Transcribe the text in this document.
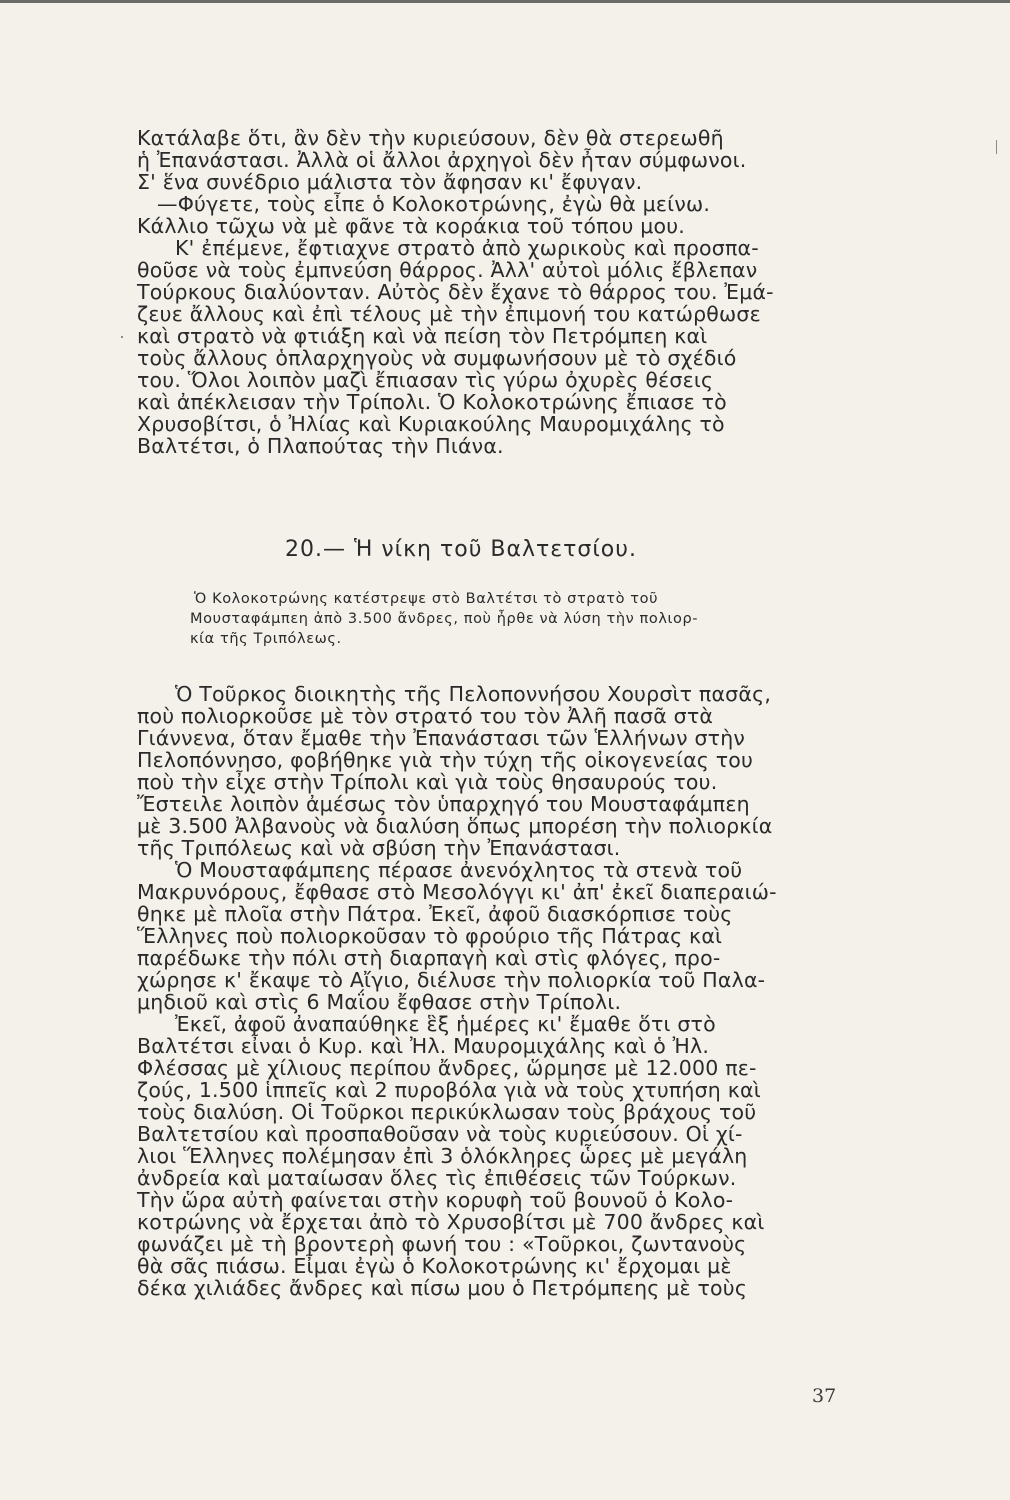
Κατάλαβε ὅτι, ἂν δὲν τὴν κυριεύσουν, δὲν θὰ στερεωθῆ
ἡ Ἐπανάστασι. Ἀλλὰ οἱ ἄλλοι ἀρχηγοὶ δὲν ἦταν σύμφωνοι.
Σ' ἕνα συνέδριο μάλιστα τὸν ἄφησαν κι' ἔφυγαν.
—Φύγετε, τοὺς εἶπε ὁ Κολοκοτρώνης, ἐγὼ θὰ μείνω.
Κάλλιο τῶχω νὰ μὲ φᾶνε τὰ κοράκια τοῦ τόπου μου.
Κ' ἐπέμενε, ἔφτιαχνε στρατὸ ἀπὸ χωρικοὺς καὶ προσπα-
θοῦσε νὰ τοὺς ἐμπνεύση θάρρος. Ἀλλ' αὐτοὶ μόλις ἔβλεπαν
Τούρκους διαλύονταν. Αὐτὸς δὲν ἔχανε τὸ θάρρος του. Ἐμά-
ζευε ἄλλους καὶ ἐπὶ τέλους μὲ τὴν ἐπιμονή του κατώρθωσε
καὶ στρατὸ νὰ φτιάξη καὶ νὰ πείση τὸν Πετρόμπεη καὶ
τοὺς ἄλλους ὁπλαρχηγοὺς νὰ συμφωνήσουν μὲ τὸ σχέδιό
του. Ὅλοι λοιπὸν μαζὶ ἔπιασαν τὶς γύρω ὀχυρὲς θέσεις
καὶ ἀπέκλεισαν τὴν Τρίπολι. Ὁ Κολοκοτρώνης ἔπιασε τὸ
Χρυσοβίτσι, ὁ Ἠλίας καὶ Κυριακούλης Μαυρομιχάλης τὸ
Βαλτέτσι, ὁ Πλαπούτας τὴν Πιάνα.
20.— Ἡ νίκη τοῦ Βαλτετσίου.
Ὁ Κολοκοτρώνης κατέστρεψε στὸ Βαλτέτσι τὸ στρατὸ τοῦ
Μουσταφάμπεη ἀπὸ 3.500 ἄνδρες, ποὺ ἦρθε νὰ λύση τὴν πολιορ-
κία τῆς Τριπόλεως.
Ὁ Τοῦρκος διοικητὴς τῆς Πελοποννήσου Χουρσὶτ πασᾶς,
ποὺ πολιορκοῦσε μὲ τὸν στρατό του τὸν Ἀλῆ πασᾶ στὰ
Γιάννενα, ὅταν ἔμαθε τὴν Ἐπανάστασι τῶν Ἑλλήνων στὴν
Πελοπόννησο, φοβήθηκε γιὰ τὴν τύχη τῆς οἰκογενείας του
ποὺ τὴν εἶχε στὴν Τρίπολι καὶ γιὰ τοὺς θησαυρούς του.
Ἔστειλε λοιπὸν ἀμέσως τὸν ὑπαρχηγό του Μουσταφάμπεη
μὲ 3.500 Ἀλβανοὺς νὰ διαλύση ὅπως μπορέση τὴν πολιορκία
τῆς Τριπόλεως καὶ νὰ σβύση τὴν Ἐπανάστασι.
Ὁ Μουσταφάμπεης πέρασε ἀνενόχλητος τὰ στενὰ τοῦ
Μακρυνόρους, ἔφθασε στὸ Μεσολόγγι κι' ἀπ' ἐκεῖ διαπεραιώ-
θηκε μὲ πλοῖα στὴν Πάτρα. Ἐκεῖ, ἀφοῦ διασκόρπισε τοὺς
Ἕλληνες ποὺ πολιορκοῦσαν τὸ φρούριο τῆς Πάτρας καὶ
παρέδωκε τὴν πόλι στὴ διαρπαγὴ καὶ στὶς φλόγες, προ-
χώρησε κ' ἔκαψε τὸ Αἴγιο, διέλυσε τὴν πολιορκία τοῦ Παλα-
μηδιοῦ καὶ στὶς 6 Μαΐου ἔφθασε στὴν Τρίπολι.
Ἐκεῖ, ἀφοῦ ἀναπαύθηκε ἓξ ἡμέρες κι' ἔμαθε ὅτι στὸ
Βαλτέτσι εἶναι ὁ Κυρ. καὶ Ἠλ. Μαυρομιχάλης καὶ ὁ Ἠλ.
Φλέσσας μὲ χίλιους περίπου ἄνδρες, ὥρμησε μὲ 12.000 πε-
ζούς, 1.500 ἱππεῖς καὶ 2 πυροβόλα γιὰ νὰ τοὺς χτυπήση καὶ
τοὺς διαλύση. Οἱ Τοῦρκοι περικύκλωσαν τοὺς βράχους τοῦ
Βαλτετσίου καὶ προσπαθοῦσαν νὰ τοὺς κυριεύσουν. Οἱ χί-
λιοι Ἕλληνες πολέμησαν ἐπὶ 3 ὁλόκληρες ὧρες μὲ μεγάλη
ἀνδρεία καὶ ματαίωσαν ὅλες τὶς ἐπιθέσεις τῶν Τούρκων.
Τὴν ὥρα αὐτὴ φαίνεται στὴν κορυφὴ τοῦ βουνοῦ ὁ Κολο-
κοτρώνης νὰ ἔρχεται ἀπὸ τὸ Χρυσοβίτσι μὲ 700 ἄνδρες καὶ
φωνάζει μὲ τὴ βροντερὴ φωνή του : «Τοῦρκοι, ζωντανοὺς
θὰ σᾶς πιάσω. Εἶμαι ἐγὼ ὁ Κολοκοτρώνης κι' ἔρχομαι μὲ
δέκα χιλιάδες ἄνδρες καὶ πίσω μου ὁ Πετρόμπεης μὲ τοὺς
37
